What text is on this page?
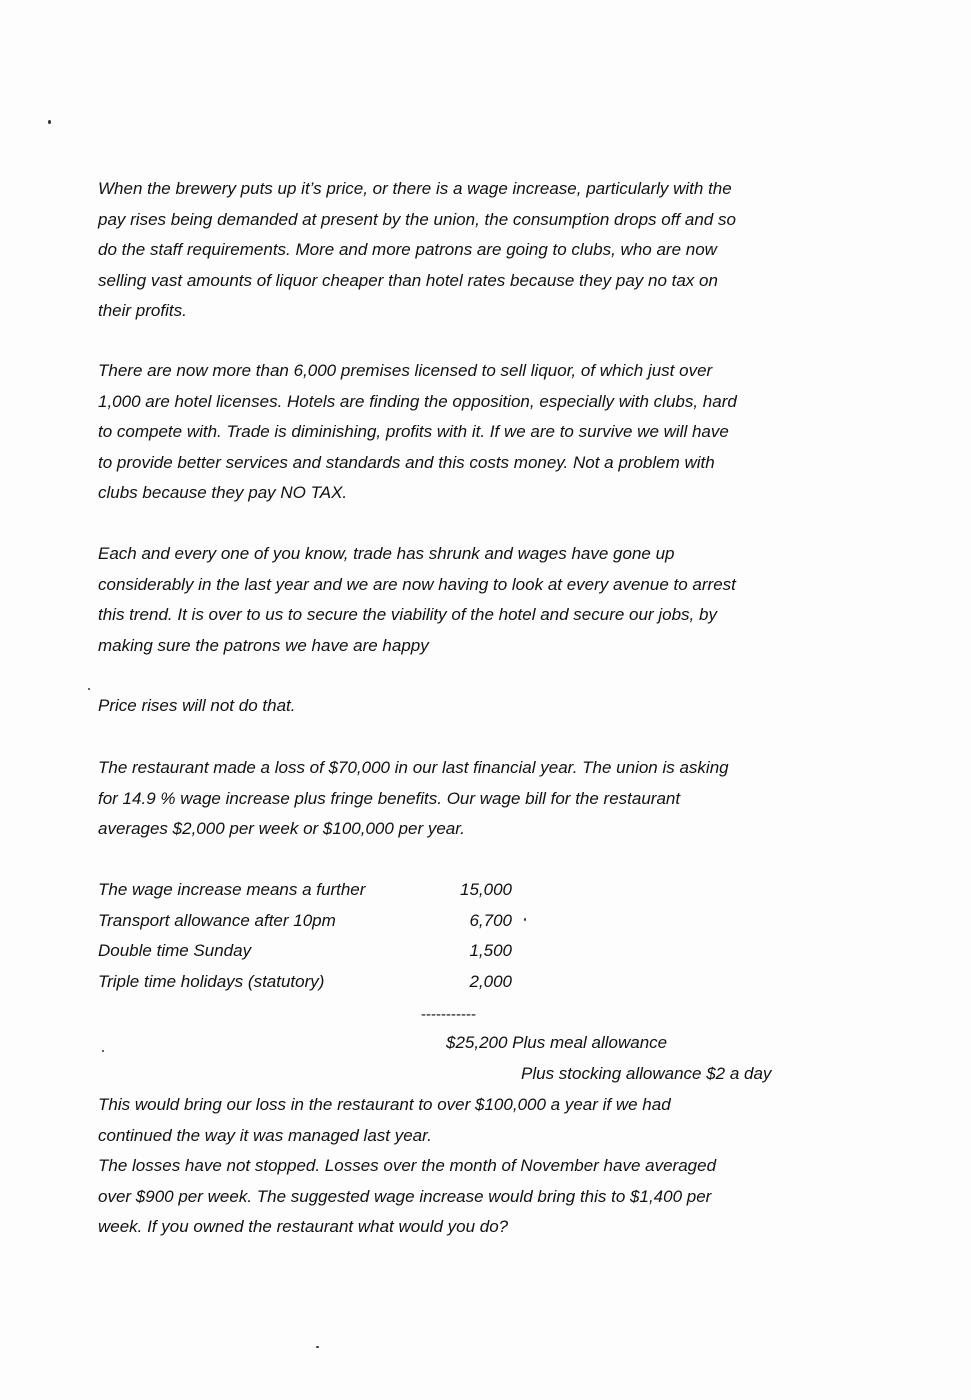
When the brewery puts up it’s price, or there is a wage increase, particularly with the

pay rises being demanded at present by the union, the consumption drops off and so

do the staff requirements. More and more patrons are going to clubs, who are now

selling vast amounts of liquor cheaper than hotel rates because they pay no tax on

their profits.

There are now more than 6,000 premises licensed to sell liquor, of which just over

1,000 are hotel licenses. Hotels are finding the opposition, especially with clubs, hard

to compete with. Trade is diminishing, profits with it. If we are to survive we will have

to provide better services and standards and this costs money. Not a problem with

clubs because they pay NO TAX.

Each and every one of you know, trade has shrunk and wages have gone up

considerably in the last year and we are now having to look at every avenue to arrest

this trend. It is over to us to secure the viability of the hotel and secure our jobs, by

making sure the patrons we have are happy

Price rises will not do that.

The restaurant made a loss of $70,000 in our last financial year. The union is asking

for 14.9 % wage increase plus fringe benefits. Our wage bill for the restaurant

averages $2,000 per week or $100,000 per year.

The wage increase means a further	15,000
Transport allowance after 10pm	6,700
Double time Sunday	1,500
Triple time holidays (statutory)	2,000
-----------
$25,200 Plus meal allowance
Plus stocking allowance $2 a day

This would bring our loss in the restaurant to over $100,000 a year if we had

continued the way it was managed last year.

The losses have not stopped. Losses over the month of November have averaged

over $900 per week. The suggested wage increase would bring this to $1,400 per

week. If you owned the restaurant what would you do?
